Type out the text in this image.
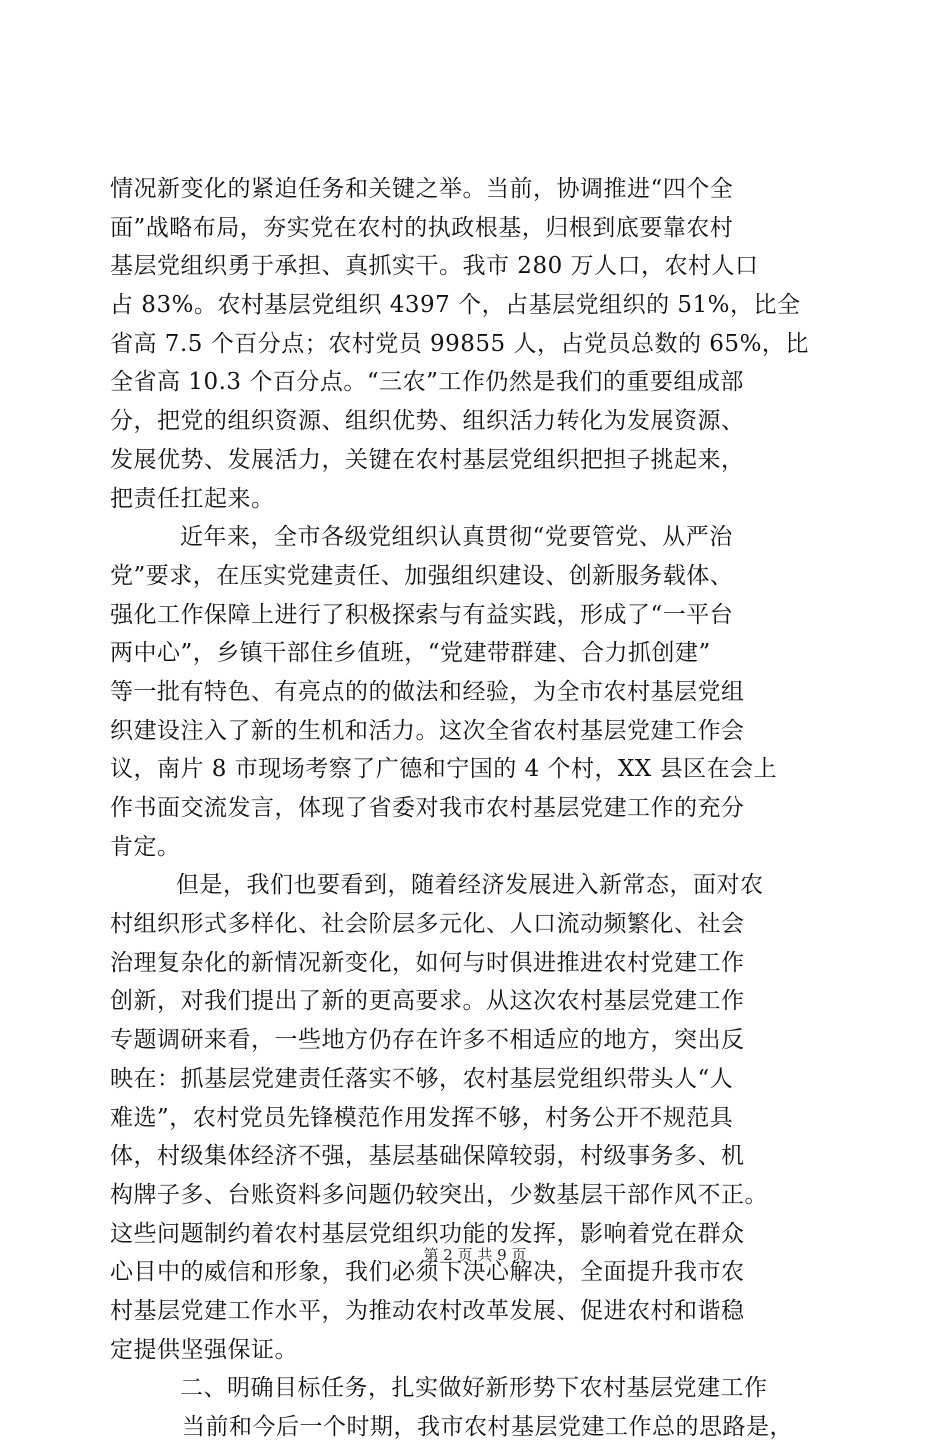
情况新变化的紧迫任务和关键之举。当前，协调推进“四个全
面”战略布局，夯实党在农村的执政根基，归根到底要靠农村
基层党组织勇于承担、真抓实干。我市 280 万人口，农村人口
占 83%。农村基层党组织 4397 个，占基层党组织的 51%，比全
省高 7.5 个百分点；农村党员 99855 人，占党员总数的 65%，比
全省高 10.3 个百分点。“三农”工作仍然是我们的重要组成部
分，把党的组织资源、组织优势、组织活力转化为发展资源、
发展优势、发展活力，关键在农村基层党组织把担子挑起来，
把责任扛起来。
近年来，全市各级党组织认真贯彻“党要管党、从严治
党”要求，在压实党建责任、加强组织建设、创新服务载体、
强化工作保障上进行了积极探索与有益实践，形成了“一平台
两中心”，乡镇干部住乡值班，“党建带群建、合力抓创建”
等一批有特色、有亮点的的做法和经验，为全市农村基层党组
织建设注入了新的生机和活力。这次全省农村基层党建工作会
议，南片 8 市现场考察了广德和宁国的 4 个村，XX 县区在会上
作书面交流发言，体现了省委对我市农村基层党建工作的充分
肯定。
但是，我们也要看到，随着经济发展进入新常态，面对农
村组织形式多样化、社会阶层多元化、人口流动频繁化、社会
治理复杂化的新情况新变化，如何与时俱进推进农村党建工作
创新，对我们提出了新的更高要求。从这次农村基层党建工作
专题调研来看，一些地方仍存在许多不相适应的地方，突出反
映在：抓基层党建责任落实不够，农村基层党组织带头人“人
难选”，农村党员先锋模范作用发挥不够，村务公开不规范具
体，村级集体经济不强，基层基础保障较弱，村级事务多、机
构牌子多、台账资料多问题仍较突出，少数基层干部作风不正。
这些问题制约着农村基层党组织功能的发挥，影响着党在群众
心目中的威信和形象，我们必须下决心解决，全面提升我市农
村基层党建工作水平，为推动农村改革发展、促进农村和谐稳
定提供坚强保证。
二、明确目标任务，扎实做好新形势下农村基层党建工作
当前和今后一个时期，我市农村基层党建工作总的思路是，
第 2 页 共 9 页
